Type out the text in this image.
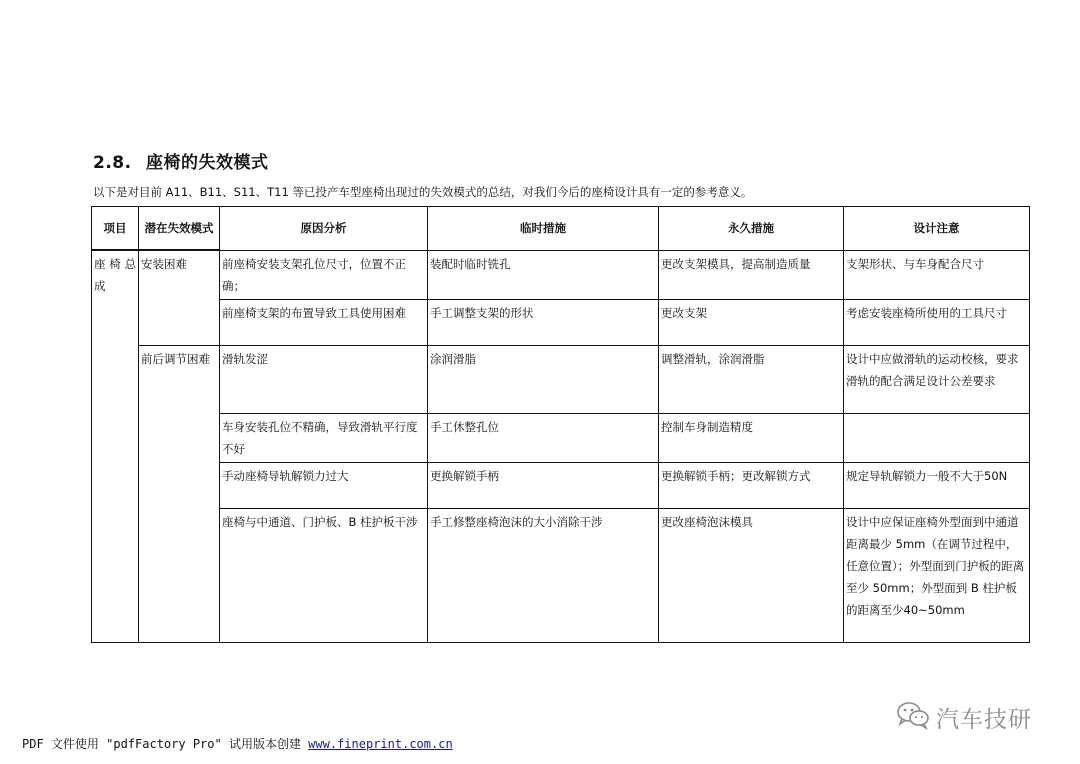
2.8. 座椅的失效模式
以下是对目前 A11、B11、S11、T11 等已投产车型座椅出现过的失效模式的总结，对我们今后的座椅设计具有一定的参考意义。
项目	潜在失效模式	原因分析	临时措施	永久措施	设计注意
座椅总成	安装困难	前座椅安装支架孔位尺寸，位置不正确；	装配时临时铣孔	更改支架模具，提高制造质量	支架形状、与车身配合尺寸
		前座椅支架的布置导致工具使用困难	手工调整支架的形状	更改支架	考虑安装座椅所使用的工具尺寸
	前后调节困难	滑轨发涩	涂润滑脂	调整滑轨，涂润滑脂	设计中应做滑轨的运动校核，要求滑轨的配合满足设计公差要求
		车身安装孔位不精确，导致滑轨平行度不好	手工休整孔位	控制车身制造精度	
		手动座椅导轨解锁力过大	更换解锁手柄	更换解锁手柄；更改解锁方式	规定导轨解锁力一般不大于50N
		座椅与中通道、门护板、B 柱护板干涉	手工修整座椅泡沫的大小消除干涉	更改座椅泡沫模具	设计中应保证座椅外型面到中通道距离最少 5mm（在调节过程中，任意位置）；外型面到门护板的距离至少 50mm；外型面到 B 柱护板的距离至少40~50mm
汽车技研
PDF 文件使用 "pdfFactory Pro" 试用版本创建 www.fineprint.com.cn
